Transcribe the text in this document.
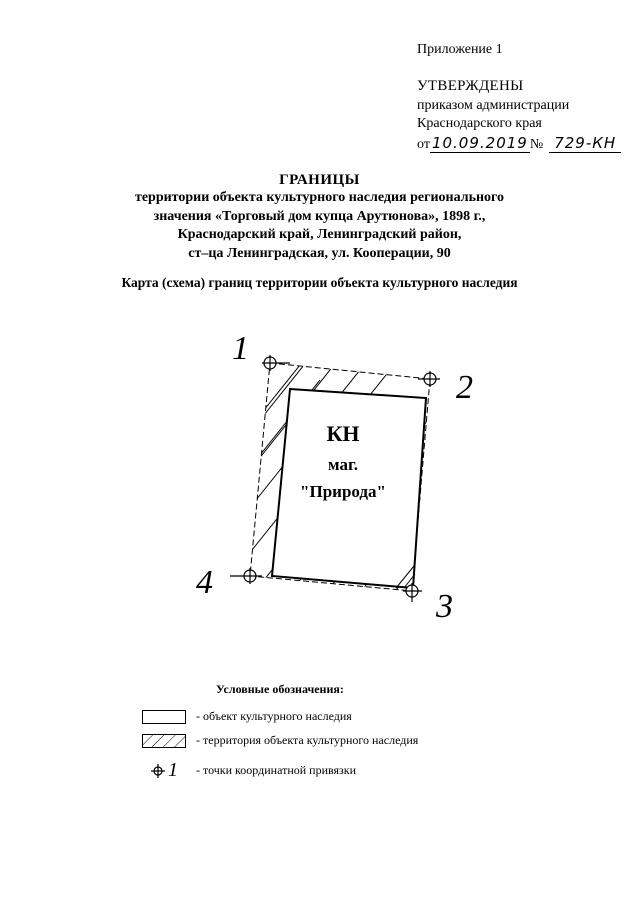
Приложение 1
УТВЕРЖДЕНЫ
приказом администрации
Краснодарского края
от 10.09.2019 № 729-КН
ГРАНИЦЫ
территории объекта культурного наследия регионального
значения «Торговый дом купца Арутюнова», 1898 г.,
Краснодарский край, Ленинградский район,
ст–ца Ленинградская, ул. Кооперации, 90
Карта (схема) границ территории объекта культурного наследия
КН
маг.
"Природа"
1
2
3
4
Условные обозначения:
- объект культурного наследия
- территория объекта культурного наследия
1 - точки координатной привязки
